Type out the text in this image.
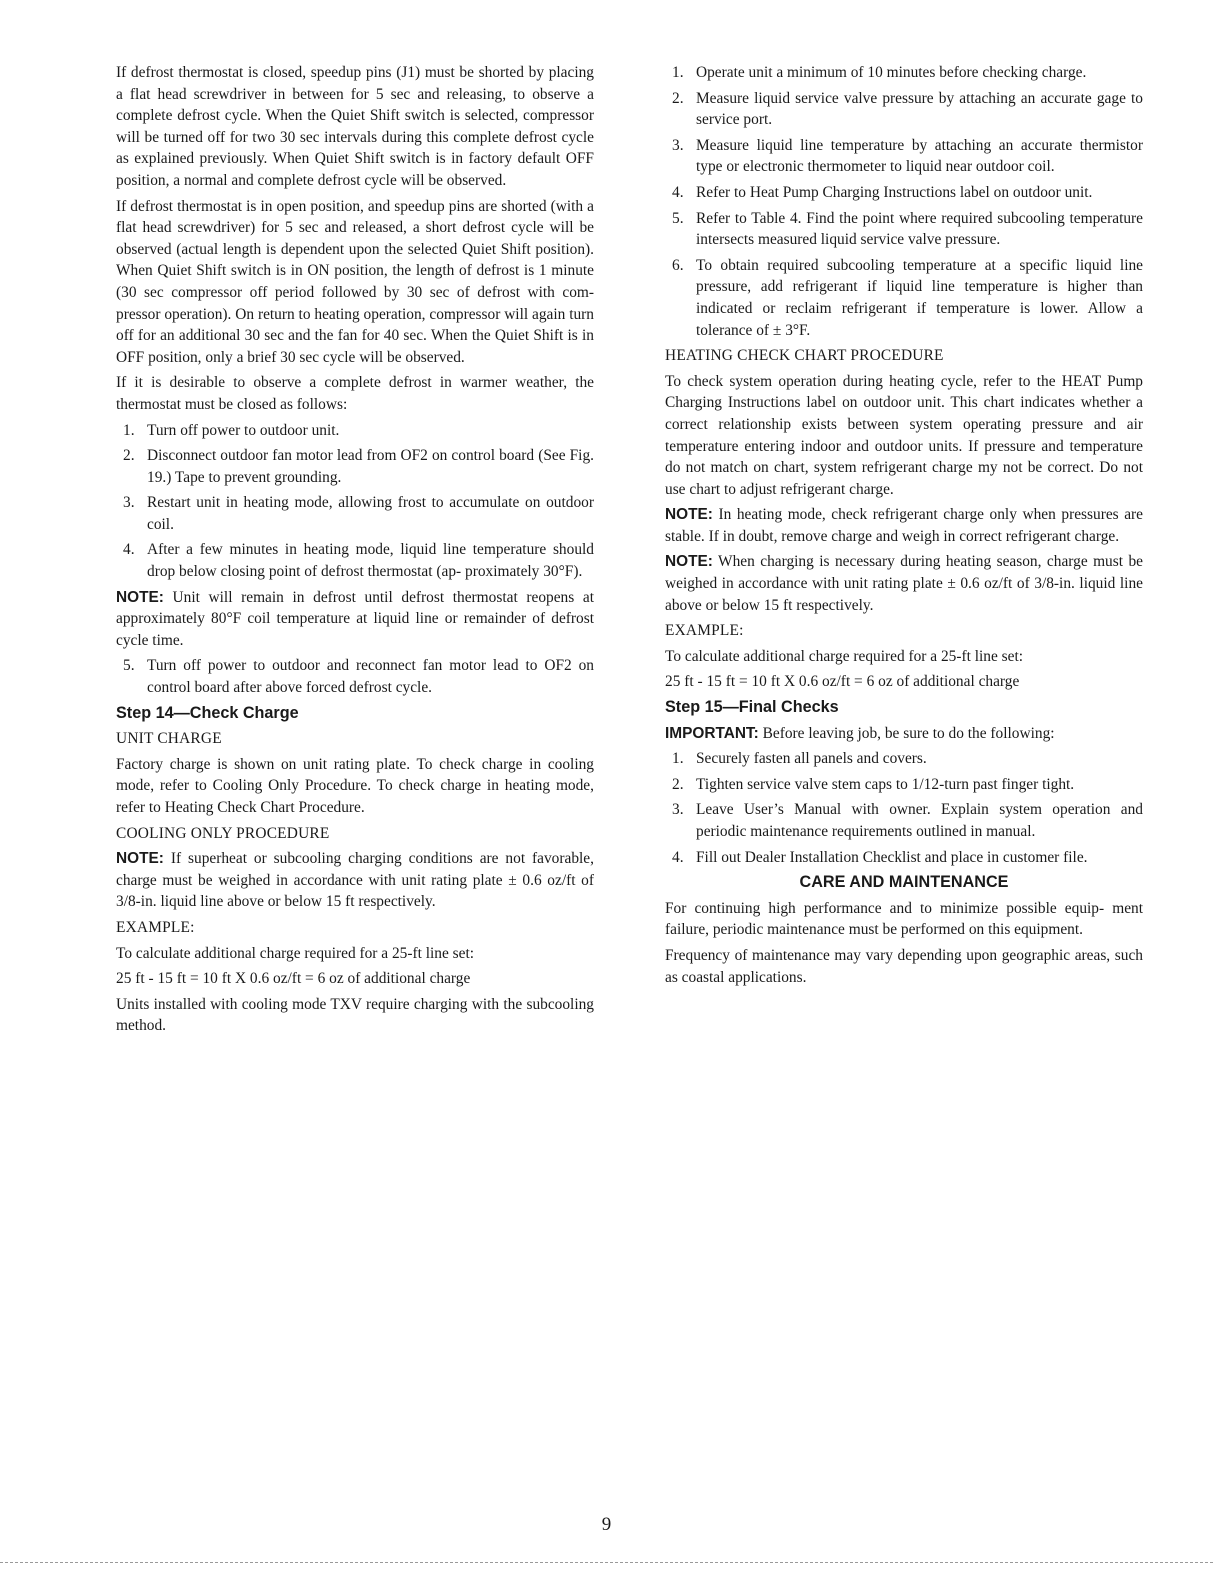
If defrost thermostat is closed, speedup pins (J1) must be shorted by placing a flat head screwdriver in between for 5 sec and releasing, to observe a complete defrost cycle. When the Quiet Shift switch is selected, compressor will be turned off for two 30 sec intervals during this complete defrost cycle as explained previously. When Quiet Shift switch is in factory default OFF position, a normal and complete defrost cycle will be observed.

If defrost thermostat is in open position, and speedup pins are shorted (with a flat head screwdriver) for 5 sec and released, a short defrost cycle will be observed (actual length is dependent upon the selected Quiet Shift position). When Quiet Shift switch is in ON position, the length of defrost is 1 minute (30 sec compressor off period followed by 30 sec of defrost with com- pressor operation). On return to heating operation, compressor will again turn off for an additional 30 sec and the fan for 40 sec. When the Quiet Shift is in OFF position, only a brief 30 sec cycle will be observed.

If it is desirable to observe a complete defrost in warmer weather, the thermostat must be closed as follows:

1. Turn off power to outdoor unit.
2. Disconnect outdoor fan motor lead from OF2 on control board (See Fig. 19.) Tape to prevent grounding.
3. Restart unit in heating mode, allowing frost to accumulate on outdoor coil.
4. After a few minutes in heating mode, liquid line temperature should drop below closing point of defrost thermostat (ap- proximately 30°F).

NOTE: Unit will remain in defrost until defrost thermostat reopens at approximately 80°F coil temperature at liquid line or remainder of defrost cycle time.

5. Turn off power to outdoor and reconnect fan motor lead to OF2 on control board after above forced defrost cycle.
Step 14—Check Charge
UNIT CHARGE

Factory charge is shown on unit rating plate. To check charge in cooling mode, refer to Cooling Only Procedure. To check charge in heating mode, refer to Heating Check Chart Procedure.

COOLING ONLY PROCEDURE

NOTE: If superheat or subcooling charging conditions are not favorable, charge must be weighed in accordance with unit rating plate ± 0.6 oz/ft of 3/8-in. liquid line above or below 15 ft respectively.

EXAMPLE:

To calculate additional charge required for a 25-ft line set:

25 ft - 15 ft = 10 ft X 0.6 oz/ft = 6 oz of additional charge

Units installed with cooling mode TXV require charging with the subcooling method.

1. Operate unit a minimum of 10 minutes before checking charge.
2. Measure liquid service valve pressure by attaching an accurate gage to service port.
3. Measure liquid line temperature by attaching an accurate thermistor type or electronic thermometer to liquid near outdoor coil.
4. Refer to Heat Pump Charging Instructions label on outdoor unit.
5. Refer to Table 4. Find the point where required subcooling temperature intersects measured liquid service valve pressure.
6. To obtain required subcooling temperature at a specific liquid line pressure, add refrigerant if liquid line temperature is higher than indicated or reclaim refrigerant if temperature is lower. Allow a tolerance of ± 3°F.
HEATING CHECK CHART PROCEDURE

To check system operation during heating cycle, refer to the HEAT Pump Charging Instructions label on outdoor unit. This chart indicates whether a correct relationship exists between system operating pressure and air temperature entering indoor and outdoor units. If pressure and temperature do not match on chart, system refrigerant charge my not be correct. Do not use chart to adjust refrigerant charge.

NOTE: In heating mode, check refrigerant charge only when pressures are stable. If in doubt, remove charge and weigh in correct refrigerant charge.

NOTE: When charging is necessary during heating season, charge must be weighed in accordance with unit rating plate ± 0.6 oz/ft of 3/8-in. liquid line above or below 15 ft respectively.

EXAMPLE:

To calculate additional charge required for a 25-ft line set:

25 ft - 15 ft = 10 ft X 0.6 oz/ft = 6 oz of additional charge

Step 15—Final Checks

IMPORTANT: Before leaving job, be sure to do the following:

1. Securely fasten all panels and covers.
2. Tighten service valve stem caps to 1/12-turn past finger tight.
3. Leave User’s Manual with owner. Explain system operation and periodic maintenance requirements outlined in manual.
4. Fill out Dealer Installation Checklist and place in customer file.
CARE AND MAINTENANCE

For continuing high performance and to minimize possible equip- ment failure, periodic maintenance must be performed on this equipment.

Frequency of maintenance may vary depending upon geographic areas, such as coastal applications.

9
